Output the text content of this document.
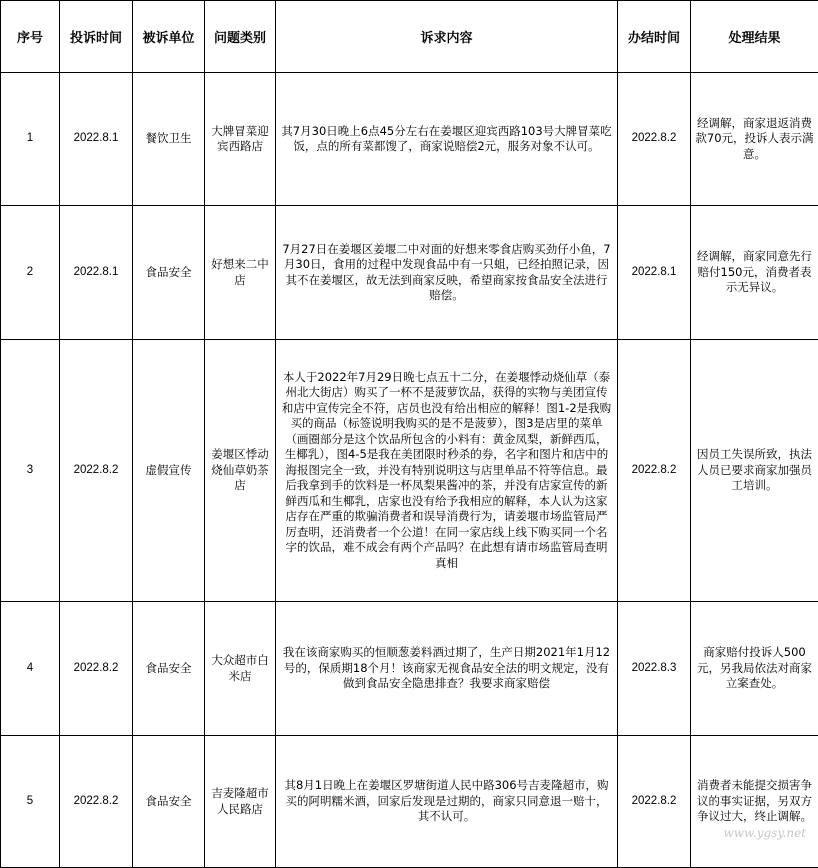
序号	投诉时间	被诉单位	问题类别	诉求内容	办结时间	处理结果
1	2022.8.1	餐饮卫生	大牌冒菜迎宾西路店	其7月30日晚上6点45分左右在姜堰区迎宾西路103号大牌冒菜吃饭，点的所有菜都馊了，商家说赔偿2元，服务对象不认可。	2022.8.2	经调解，商家退返消费款70元，投诉人表示满意。
2	2022.8.1	食品安全	好想来二中店	7月27日在姜堰区姜堰二中对面的好想来零食店购买劲仔小鱼，7月30日，食用的过程中发现食品中有一只蛆，已经拍照记录，因其不在姜堰区，故无法到商家反映，希望商家按食品安全法进行赔偿。	2022.8.1	经调解，商家同意先行赔付150元，消费者表示无异议。
3	2022.8.2	虚假宣传	姜堰区悸动烧仙草奶茶店	本人于2022年7月29日晚七点五十二分，在姜堰悸动烧仙草（泰州北大街店）购买了一杯不是菠萝饮品，获得的实物与美团宣传和店中宣传完全不符，店员也没有给出相应的解释！图1-2是我购买的商品（标签说明我购买的是不是菠萝），图3是店里的菜单（画圈部分是这个饮品所包含的小料有：黄金凤梨，新鲜西瓜，生椰乳），图4-5是我在美团限时秒杀的券，名字和图片和店中的海报图完全一致，并没有特别说明这与店里单品不符等信息。最后我拿到手的饮料是一杯凤梨果酱冲的茶，并没有店家宣传的新鲜西瓜和生椰乳，店家也没有给予我相应的解释，本人认为这家店存在严重的欺骗消费者和误导消费行为，请姜堰市场监管局严厉查明，还消费者一个公道！在同一家店线上线下购买同一个名字的饮品，难不成会有两个产品吗？在此想有请市场监管局查明真相	2022.8.2	因员工失误所致，执法人员已要求商家加强员工培训。
4	2022.8.2	食品安全	大众超市白米店	我在该商家购买的恒顺葱姜料酒过期了，生产日期2021年1月12号的，保质期18个月！该商家无视食品安全法的明文规定，没有做到食品安全隐患排查？我要求商家赔偿	2022.8.3	商家赔付投诉人500元，另我局依法对商家立案查处。
5	2022.8.2	食品安全	吉麦隆超市人民路店	其8月1日晚上在姜堰区罗塘街道人民中路306号吉麦隆超市，购买的阿明糯米酒，回家后发现是过期的，商家只同意退一赔十，其不认可。	2022.8.2	消费者未能提交损害争议的事实证据，另双方争议过大，终止调解。
www.ygsy.net
